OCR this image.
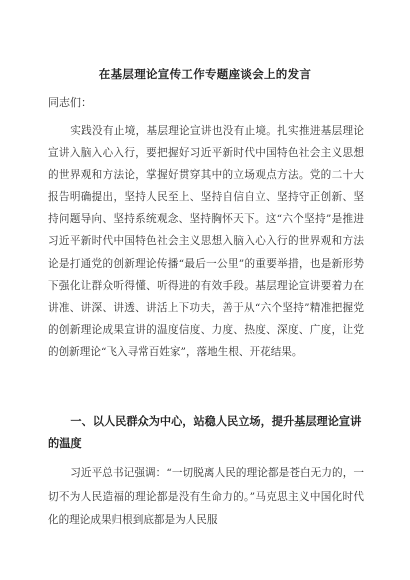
在基层理论宣传工作专题座谈会上的发言
同志们：

实践没有止境，基层理论宣讲也没有止境。扎实推进基层理论宣讲入脑入心入行，要把握好习近平新时代中国特色社会主义思想的世界观和方法论，掌握好贯穿其中的立场观点方法。党的二十大报告明确提出，坚持人民至上、坚持自信自立、坚持守正创新、坚持问题导向、坚持系统观念、坚持胸怀天下。这“六个坚持”是推进习近平新时代中国特色社会主义思想入脑入心入行的世界观和方法论是打通党的创新理论传播“最后一公里”的重要举措，也是新形势下强化让群众听得懂、听得进的有效手段。基层理论宣讲要着力在讲准、讲深、讲透、讲活上下功夫，善于从“六个坚持”精准把握党的创新理论成果宣讲的温度信度、力度、热度、深度、广度，让党的创新理论“飞入寻常百姓家”，落地生根、开花结果。

一、以人民群众为中心，站稳人民立场，提升基层理论宣讲的温度

习近平总书记强调：“一切脱离人民的理论都是苍白无力的，一切不为人民造福的理论都是没有生命力的。”马克思主义中国化时代化的理论成果归根到底都是为人民服
